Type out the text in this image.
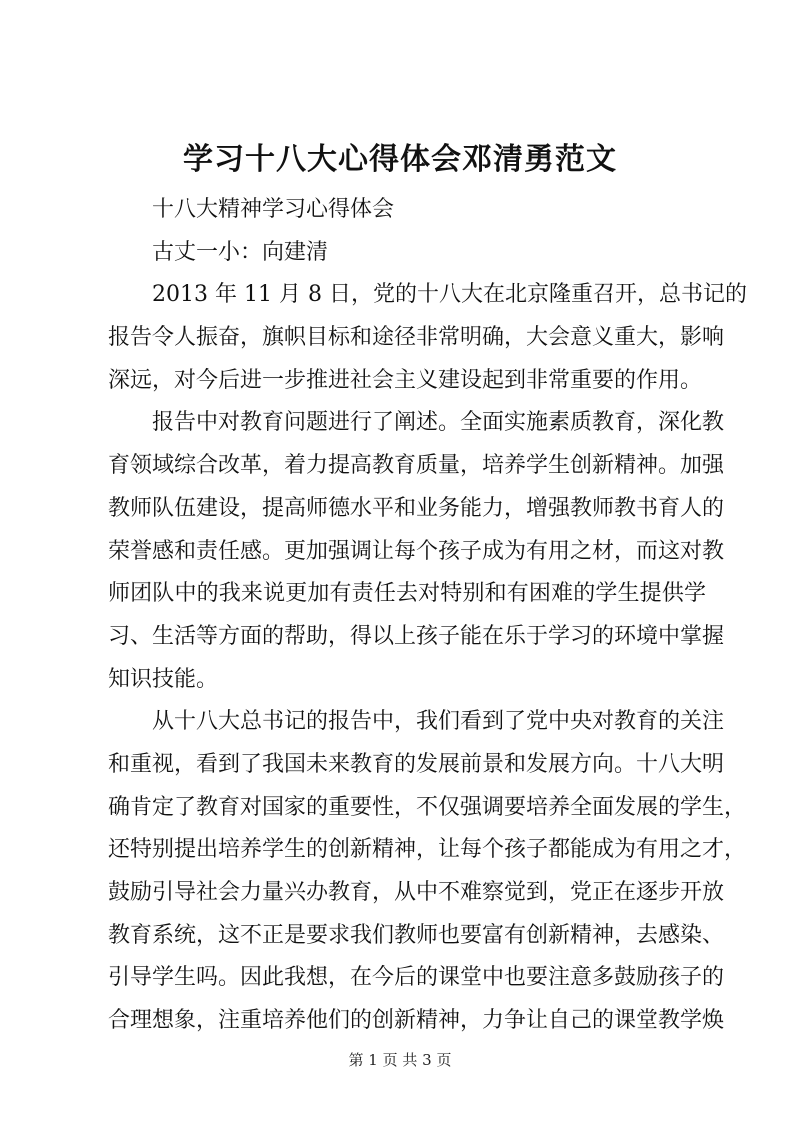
学习十八大心得体会邓清勇范文
十八大精神学习心得体会
古丈一小：向建清
2013 年 11 月 8 日，党的十八大在北京隆重召开，总书记的
报告令人振奋，旗帜目标和途径非常明确，大会意义重大，影响
深远，对今后进一步推进社会主义建设起到非常重要的作用。
报告中对教育问题进行了阐述。全面实施素质教育，深化教
育领域综合改革，着力提高教育质量，培养学生创新精神。加强
教师队伍建设，提高师德水平和业务能力，增强教师教书育人的
荣誉感和责任感。更加强调让每个孩子成为有用之材，而这对教
师团队中的我来说更加有责任去对特别和有困难的学生提供学
习、生活等方面的帮助，得以上孩子能在乐于学习的环境中掌握
知识技能。
从十八大总书记的报告中，我们看到了党中央对教育的关注
和重视，看到了我国未来教育的发展前景和发展方向。十八大明
确肯定了教育对国家的重要性，不仅强调要培养全面发展的学生，
还特别提出培养学生的创新精神，让每个孩子都能成为有用之才，
鼓励引导社会力量兴办教育，从中不难察觉到，党正在逐步开放
教育系统，这不正是要求我们教师也要富有创新精神，去感染、
引导学生吗。因此我想，在今后的课堂中也要注意多鼓励孩子的
合理想象，注重培养他们的创新精神，力争让自己的课堂教学焕
第 1 页 共 3 页
